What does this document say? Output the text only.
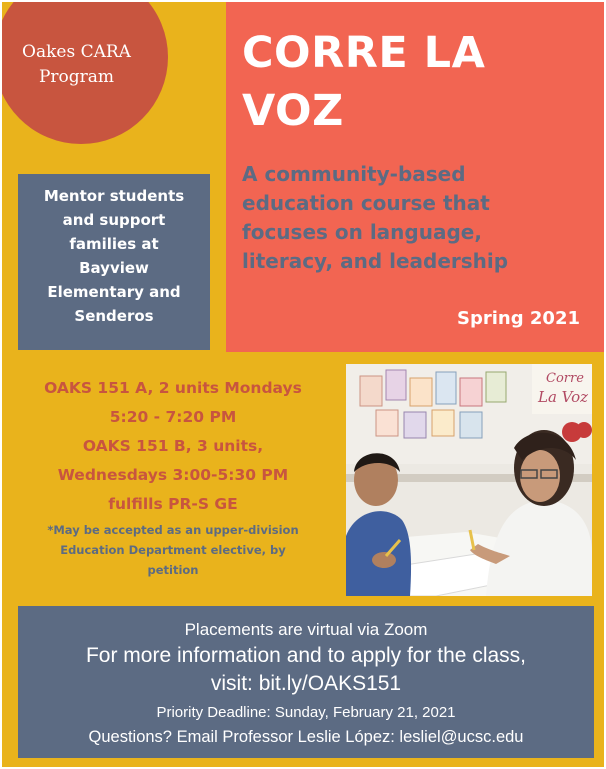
Oakes CARA
Program
Mentor students
and support
families at
Bayview
Elementary and
Senderos
CORRE LA
VOZ
A community-based
education course that
focuses on language,
literacy, and leadership
Spring 2021
OAKS 151 A, 2 units Mondays
5:20 - 7:20 PM
OAKS 151 B, 3 units,
Wednesdays 3:00-5:30 PM
fulfills PR-S GE
*May be accepted as an upper-division
Education Department elective, by
petition
Corre
La Voz
Placements are virtual via Zoom
For more information and to apply for the class,
visit: bit.ly/OAKS151
Priority Deadline: Sunday, February 21, 2021
Questions? Email Professor Leslie López: lesliel@ucsc.edu
